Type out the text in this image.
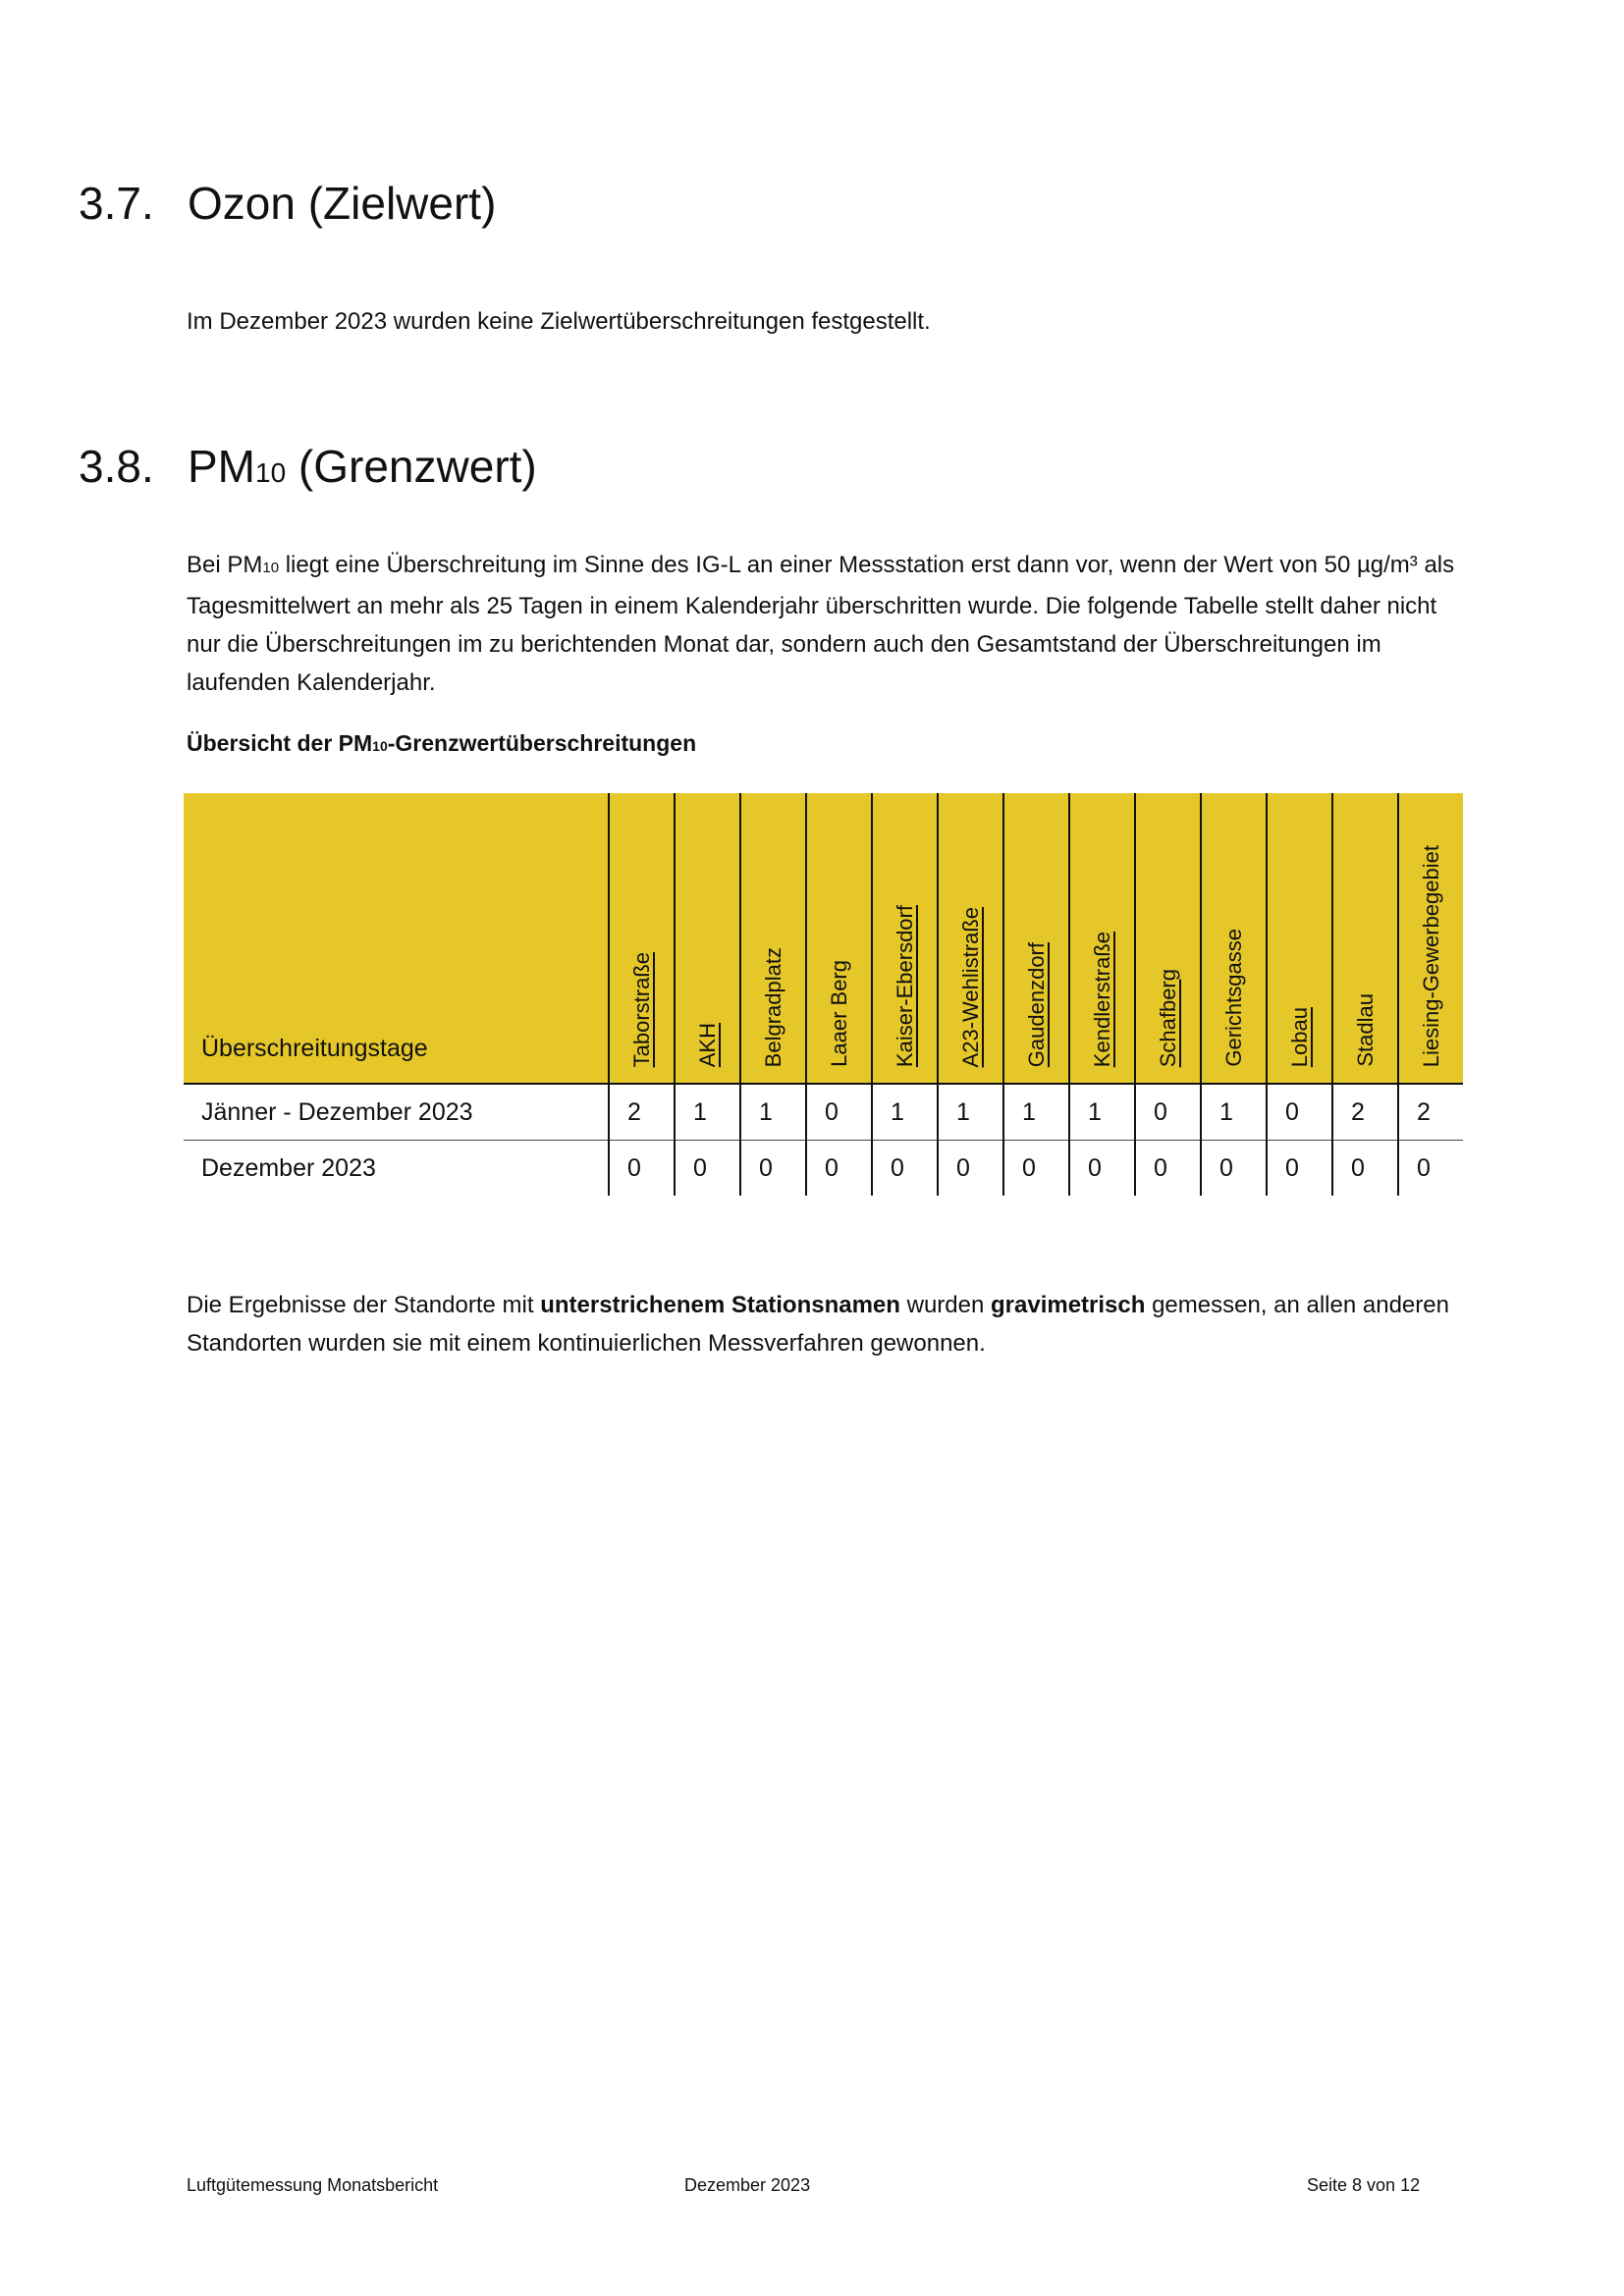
3.7. Ozon (Zielwert)

Im Dezember 2023 wurden keine Zielwertüberschreitungen festgestellt.

3.8. PM10 (Grenzwert)

Bei PM10 liegt eine Überschreitung im Sinne des IG-L an einer Messstation erst dann vor, wenn der Wert von 50 µg/m³ als Tagesmittelwert an mehr als 25 Tagen in einem Kalenderjahr überschritten wurde. Die folgende Tabelle stellt daher nicht nur die Überschreitungen im zu berichtenden Monat dar, sondern auch den Gesamtstand der Überschreitungen im laufenden Kalenderjahr.

Übersicht der PM10-Grenzwertüberschreitungen

Überschreitungstage	Taborstraße	AKH	Belgradplatz	Laaer Berg	Kaiser-Ebersdorf	A23-Wehlistraße	Gaudenzdorf	Kendlerstraße	Schafberg	Gerichtsgasse	Lobau	Stadlau	Liesing-Gewerbegebiet

Jänner - Dezember 2023	2	1	1	0	1	1	1	1	0	1	0	2	2
Dezember 2023	0	0	0	0	0	0	0	0	0	0	0	0	0

Die Ergebnisse der Standorte mit unterstrichenem Stationsnamen wurden gravimetrisch gemessen, an allen anderen Standorten wurden sie mit einem kontinuierlichen Messverfahren gewonnen.

Luftgütemessung Monatsbericht	Dezember 2023	Seite 8 von 12
